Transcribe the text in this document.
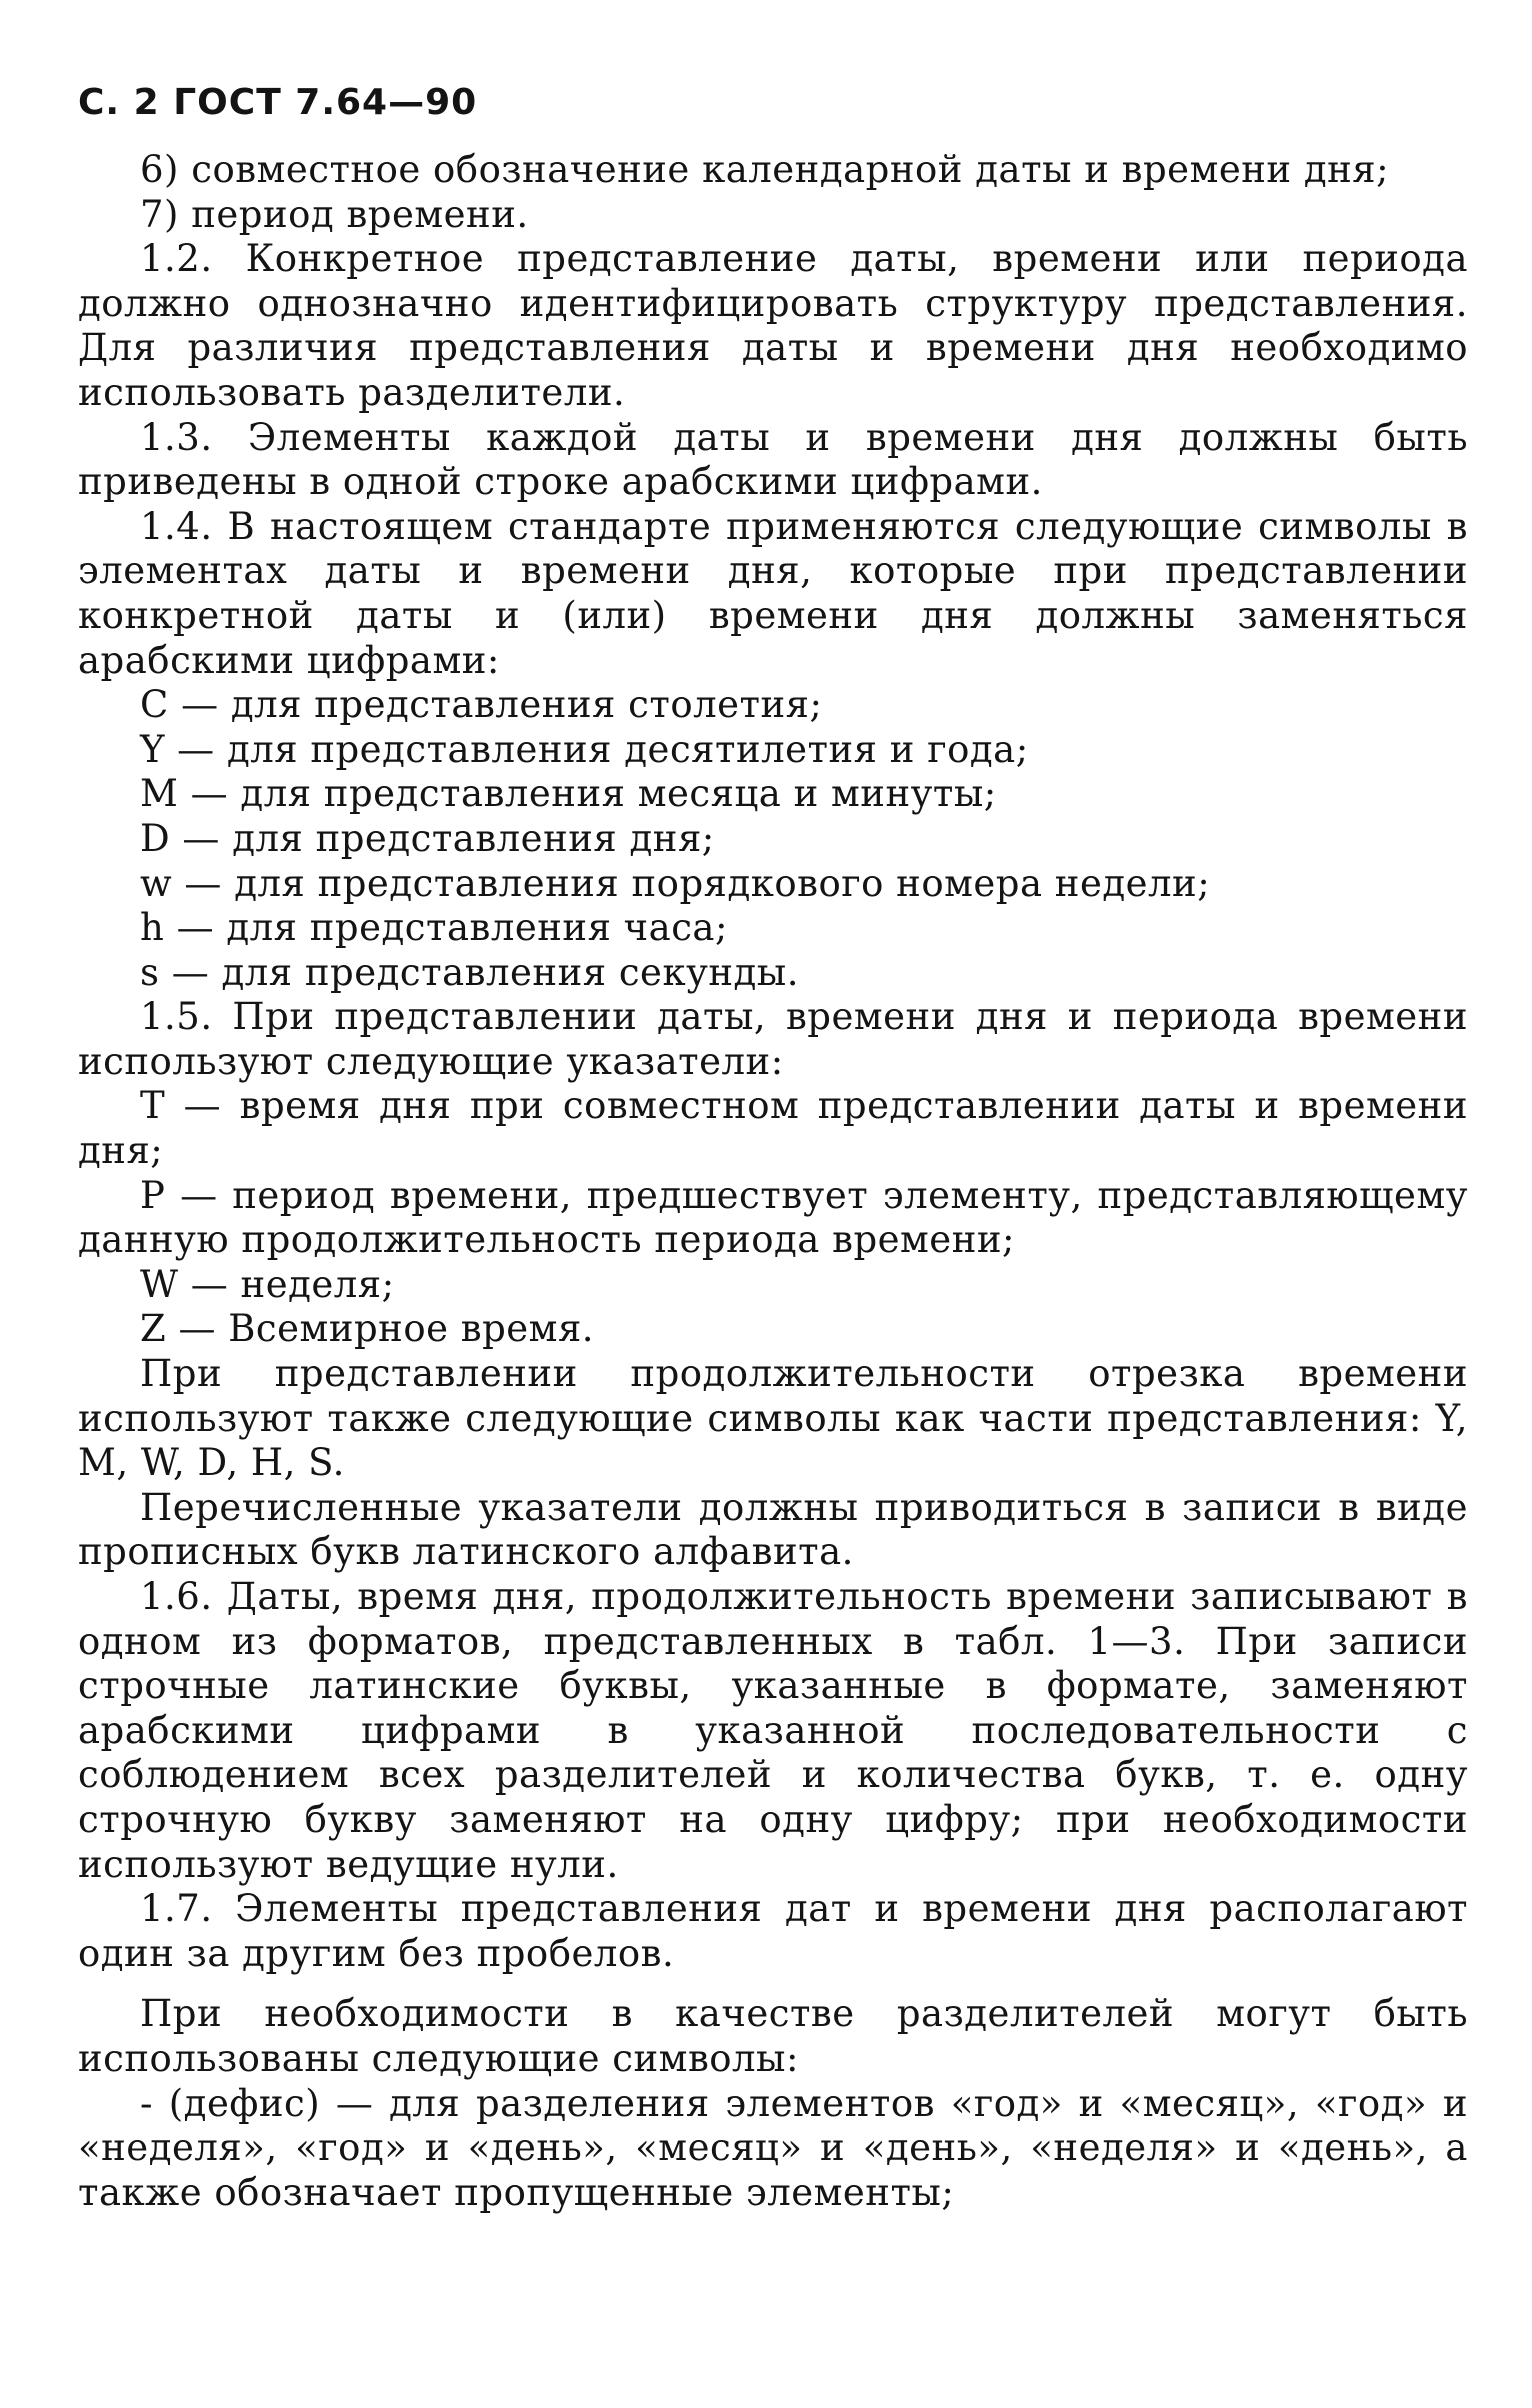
С. 2 ГОСТ 7.64—90

6) совместное обозначение календарной даты и времени дня;

7) период времени.

1.2. Конкретное представление даты, времени или периода должно однозначно идентифицировать структуру представления. Для различия представления даты и времени дня необходимо использовать разделители.

1.3. Элементы каждой даты и времени дня должны быть приведены в одной строке арабскими цифрами.

1.4. В настоящем стандарте применяются следующие символы в элементах даты и времени дня, которые при представлении конкретной даты и (или) времени дня должны заменяться арабскими цифрами:

C — для представления столетия;

Y — для представления десятилетия и года;

M — для представления месяца и минуты;

D — для представления дня;

w — для представления порядкового номера недели;

h — для представления часа;

s — для представления секунды.

1.5. При представлении даты, времени дня и периода времени используют следующие указатели:

T — время дня при совместном представлении даты и времени дня;

P — период времени, предшествует элементу, представляющему данную продолжительность периода времени;

W — неделя;

Z — Всемирное время.

При представлении продолжительности отрезка времени используют также следующие символы как части представления: Y, M, W, D, H, S.

Перечисленные указатели должны приводиться в записи в виде прописных букв латинского алфавита.

1.6. Даты, время дня, продолжительность времени записывают в одном из форматов, представленных в табл. 1—3. При записи строчные латинские буквы, указанные в формате, заменяют арабскими цифрами в указанной последовательности с соблюдением всех разделителей и количества букв, т. е. одну строчную букву заменяют на одну цифру; при необходимости используют ведущие нули.

1.7. Элементы представления дат и времени дня располагают один за другим без пробелов.

При необходимости в качестве разделителей могут быть использованы следующие символы:

- (дефис) — для разделения элементов «год» и «месяц», «год» и «неделя», «год» и «день», «месяц» и «день», «неделя» и «день», а также обозначает пропущенные элементы;
